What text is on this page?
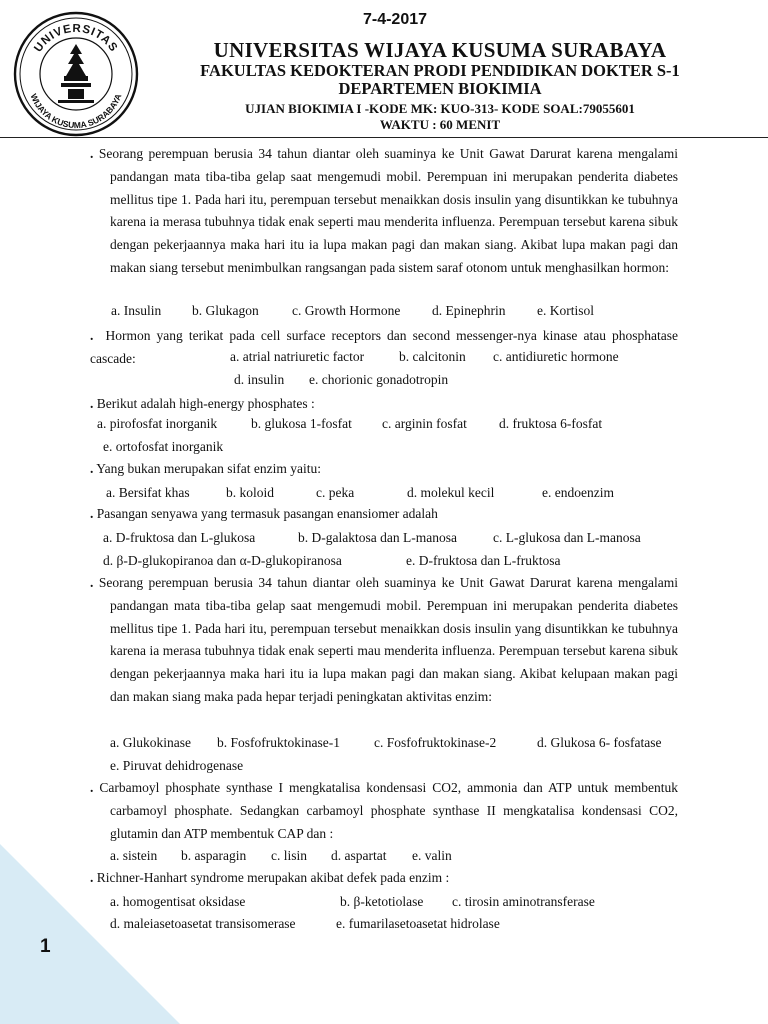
7-4-2017
UNIVERSITAS
WIJAYA KUSUMA SURABAYA
UNIVERSITAS WIJAYA KUSUMA SURABAYA
FAKULTAS KEDOKTERAN PRODI PENDIDIKAN DOKTER S-1
DEPARTEMEN BIOKIMIA
UJIAN BIOKIMIA I -KODE MK: KUO-313- KODE SOAL:79055601
WAKTU : 60 MENIT
. Seorang perempuan berusia 34 tahun diantar oleh suaminya ke Unit Gawat Darurat karena mengalami pandangan mata tiba-tiba gelap saat mengemudi mobil. Perempuan ini merupakan penderita diabetes mellitus tipe 1. Pada hari itu, perempuan tersebut menaikkan dosis insulin yang disuntikkan ke tubuhnya karena ia merasa tubuhnya tidak enak seperti mau menderita influenza. Perempuan tersebut karena sibuk dengan pekerjaannya maka hari itu ia lupa makan pagi dan makan siang. Akibat lupa makan pagi dan makan siang tersebut menimbulkan rangsangan pada sistem saraf otonom untuk menghasilkan hormon:
a. Insulin b. Glukagon c. Growth Hormone d. Epinephrin e. Kortisol
. Hormon yang terikat pada cell surface receptors dan second messenger-nya kinase atau phosphatase cascade:	a. atrial natriuretic factor	b. calcitonin c. antidiuretic hormone
d. insulin e. chorionic gonadotropin
. Berikut adalah high-energy phosphates :
a. pirofosfat inorganik	b. glukosa 1-fosfat c. arginin fosfat d. fruktosa 6-fosfat
e. ortofosfat inorganik
. Yang bukan merupakan sifat enzim yaitu:
a. Bersifat khas	b. koloid	c. peka	d. molekul kecil	e. endoenzim
. Pasangan senyawa yang termasuk pasangan enansiomer adalah
a. D-fruktosa dan L-glukosa	b. D-galaktosa dan L-manosa	c. L-glukosa dan L-manosa
d. β-D-glukopiranoa dan α-D-glukopiranosa	e. D-fruktosa dan L-fruktosa
. Seorang perempuan berusia 34 tahun diantar oleh suaminya ke Unit Gawat Darurat karena mengalami pandangan mata tiba-tiba gelap saat mengemudi mobil. Perempuan ini merupakan penderita diabetes mellitus tipe 1. Pada hari itu, perempuan tersebut menaikkan dosis insulin yang disuntikkan ke tubuhnya karena ia merasa tubuhnya tidak enak seperti mau menderita influenza. Perempuan tersebut karena sibuk dengan pekerjaannya maka hari itu ia lupa makan pagi dan makan siang. Akibat kelupaan makan pagi dan makan siang maka pada hepar terjadi peningkatan aktivitas enzim:
a. Glukokinase b. Fosfofruktokinase-1	c. Fosfofruktokinase-2	d. Glukosa 6- fosfatase
e. Piruvat dehidrogenase
. Carbamoyl phosphate synthase I mengkatalisa kondensasi CO2, ammonia dan ATP untuk membentuk carbamoyl phosphate. Sedangkan carbamoyl phosphate synthase II mengkatalisa kondensasi CO2, glutamin dan ATP membentuk CAP dan :
a. sistein b. asparagin c. lisin d. aspartat e. valin
. Richner-Hanhart syndrome merupakan akibat defek pada enzim :
a. homogentisat oksidase	b. β-ketotiolase c. tirosin aminotransferase
d. maleiasetoasetat transisomerase	e. fumarilasetoasetat hidrolase
1
